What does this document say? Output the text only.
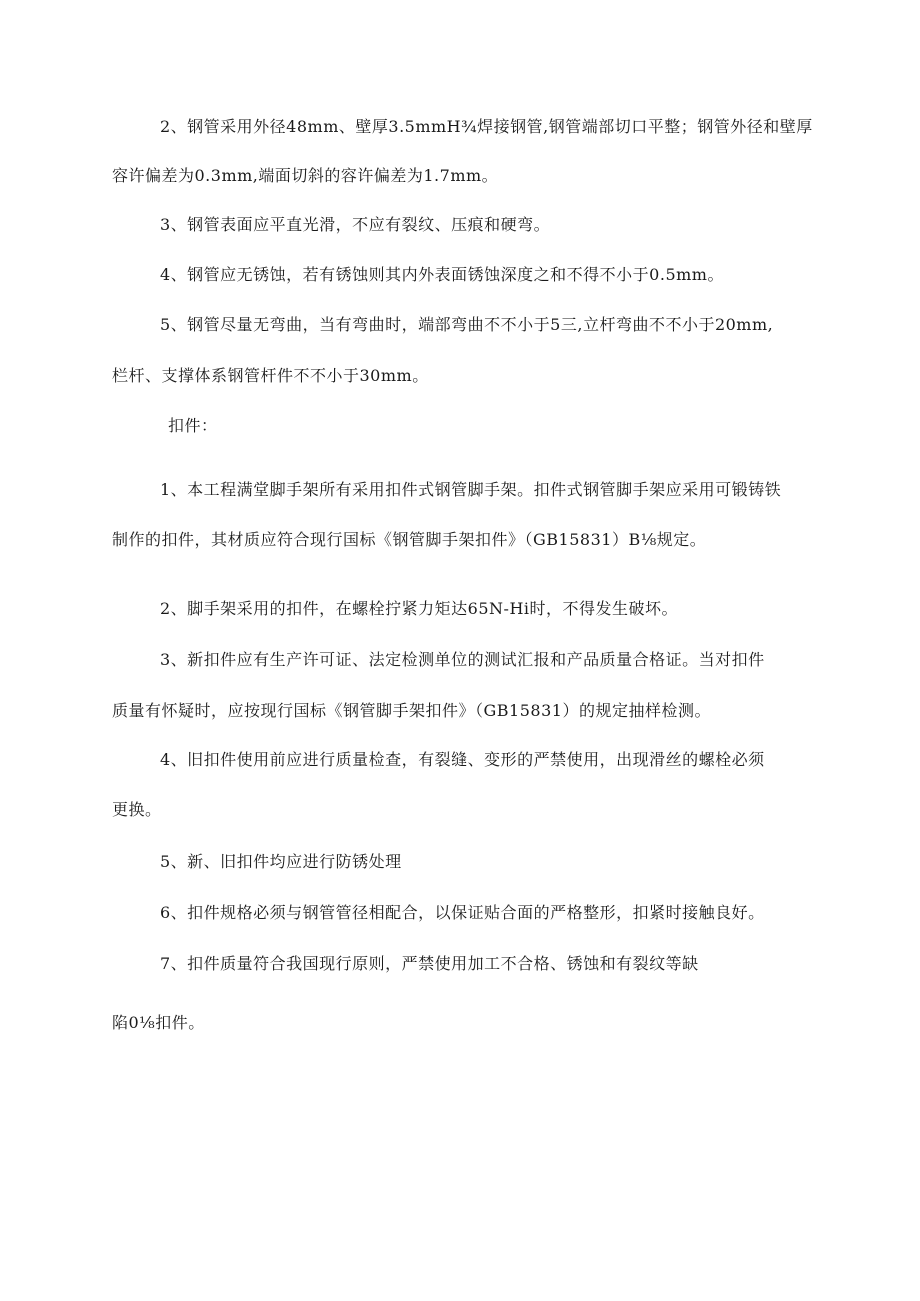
2、钢管采用外径48mm、壁厚3.5mmH¾焊接钢管,钢管端部切口平整；钢管外径和壁厚
容许偏差为0.3mm,端面切斜的容许偏差为1.7mm。
3、钢管表面应平直光滑，不应有裂纹、压痕和硬弯。
4、钢管应无锈蚀，若有锈蚀则其内外表面锈蚀深度之和不得不小于0.5mm。
5、钢管尽量无弯曲，当有弯曲时，端部弯曲不不小于5三,立杆弯曲不不小于20mm,
栏杆、支撑体系钢管杆件不不小于30mm。
扣件：
1、本工程满堂脚手架所有采用扣件式钢管脚手架。扣件式钢管脚手架应采用可锻铸铁
制作的扣件，其材质应符合现行国标《钢管脚手架扣件》（GB15831）B⅛规定。
2、脚手架采用的扣件，在螺栓拧紧力矩达65N-Hi时，不得发生破坏。
3、新扣件应有生产许可证、法定检测单位的测试汇报和产品质量合格证。当对扣件
质量有怀疑时，应按现行国标《钢管脚手架扣件》（GB15831）的规定抽样检测。
4、旧扣件使用前应进行质量检查，有裂缝、变形的严禁使用，出现滑丝的螺栓必须
更换。
5、新、旧扣件均应进行防锈处理
6、扣件规格必须与钢管管径相配合，以保证贴合面的严格整形，扣紧时接触良好。
7、扣件质量符合我国现行原则，严禁使用加工不合格、锈蚀和有裂纹等缺
陷0⅛扣件。
